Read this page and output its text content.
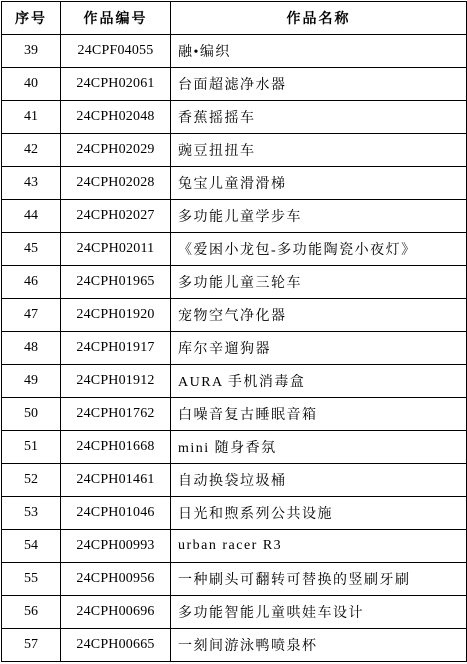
序号	作品编号	作品名称
39	24CPF04055	融•编织
40	24CPH02061	台面超滤净水器
41	24CPH02048	香蕉摇摇车
42	24CPH02029	豌豆扭扭车
43	24CPH02028	兔宝儿童滑滑梯
44	24CPH02027	多功能儿童学步车
45	24CPH02011	《爱困小龙包-多功能陶瓷小夜灯》
46	24CPH01965	多功能儿童三轮车
47	24CPH01920	宠物空气净化器
48	24CPH01917	库尔辛遛狗器
49	24CPH01912	AURA 手机消毒盒
50	24CPH01762	白噪音复古睡眠音箱
51	24CPH01668	mini 随身香氛
52	24CPH01461	自动换袋垃圾桶
53	24CPH01046	日光和煦系列公共设施
54	24CPH00993	urban racer R3
55	24CPH00956	一种刷头可翻转可替换的竖刷牙刷
56	24CPH00696	多功能智能儿童哄娃车设计
57	24CPH00665	一刻间游泳鸭喷泉杯
